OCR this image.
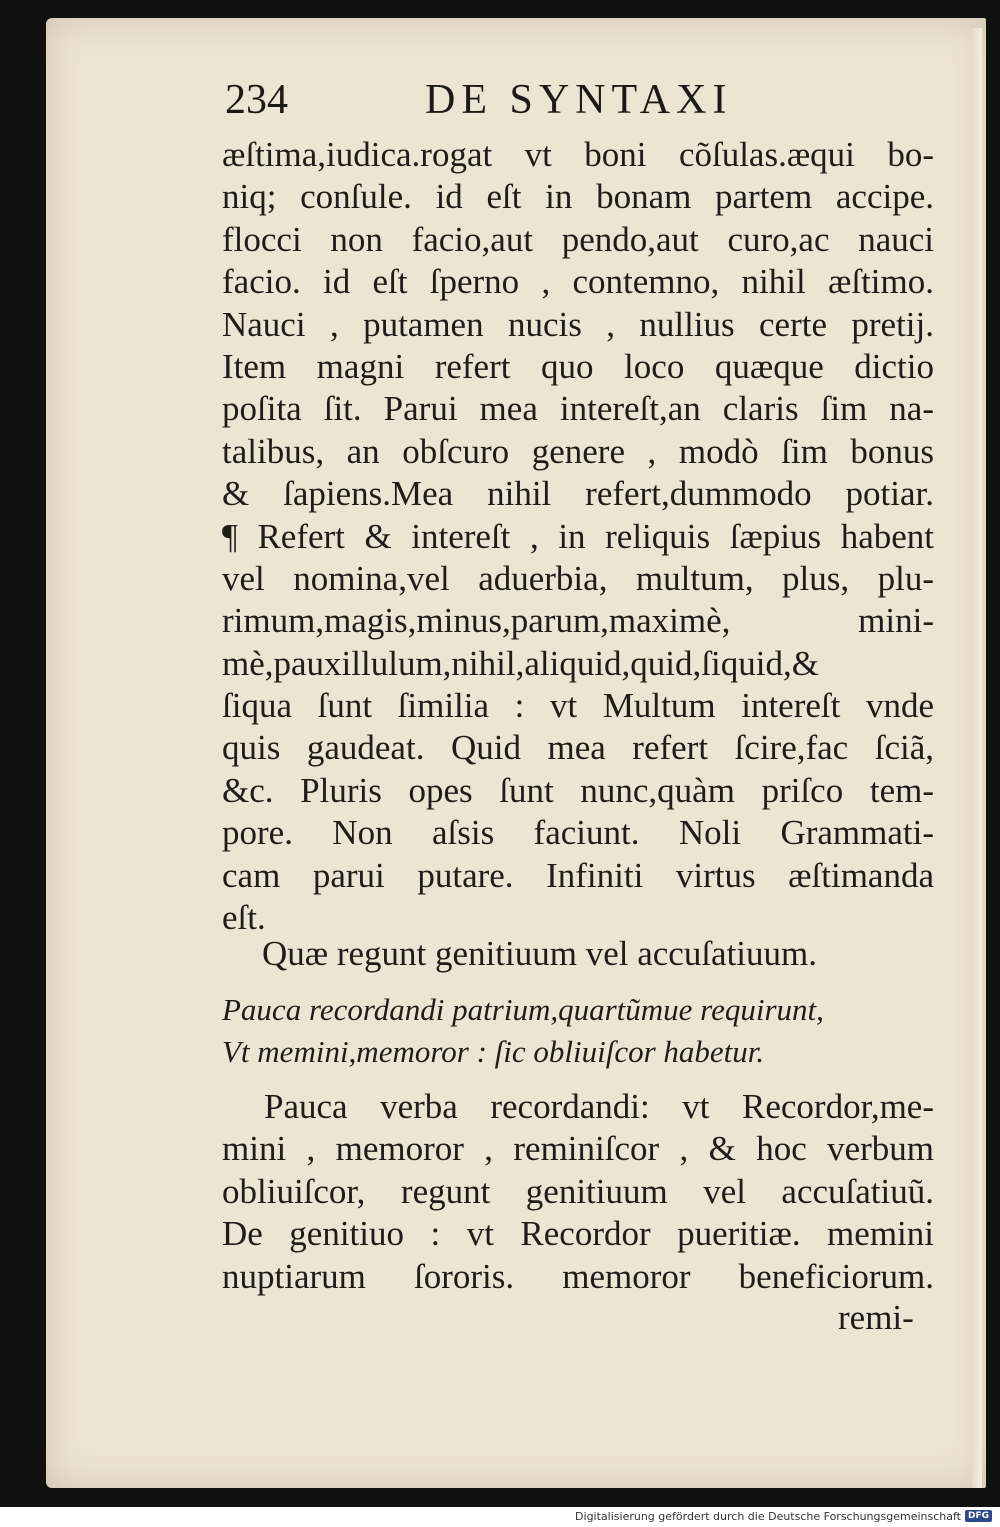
234	DE SYNTAXI
æſtima,iudica.rogat vt boni cõſulas.æqui bo-
niq; conſule. id eſt in bonam partem accipe.
flocci non facio,aut pendo,aut curo,ac nauci
facio. id eſt ſperno , contemno, nihil æſtimo.
Nauci , putamen nucis , nullius certe pretij.
Item magni refert quo loco quæque dictio
poſita ſit. Parui mea intereſt,an claris ſim na-
talibus, an obſcuro genere , modò ſim bonus
& ſapiens.Mea nihil refert,dummodo potiar.
¶ Refert & intereſt , in reliquis ſæpius habent
vel nomina,vel aduerbia, multum, plus, plu-
rimum,magis,minus,parum,maximè, mini-
mè,pauxillulum,nihil,aliquid,quid,ſiquid,&
ſiqua ſunt ſimilia : vt Multum intereſt vnde
quis gaudeat. Quid mea refert ſcire,fac ſciã,
&c. Pluris opes ſunt nunc,quàm priſco tem-
pore. Non aſsis faciunt. Noli Grammati-
cam parui putare. Infiniti virtus æſtimanda
eſt.
Quæ regunt genitiuum vel accuſatiuum.
Pauca recordandi patrium,quartũmue requirunt,
Vt memini,memoror : ſic obliuiſcor habetur.
Pauca verba recordandi: vt Recordor,me-
mini , memoror , reminiſcor , & hoc verbum
obliuiſcor, regunt genitiuum vel accuſatiuũ.
De genitiuo : vt Recordor pueritiæ. memini
nuptiarum ſororis. memoror beneficiorum.
remi-
Digitalisierung gefördert durch die Deutsche Forschungsgemeinschaft DFG
